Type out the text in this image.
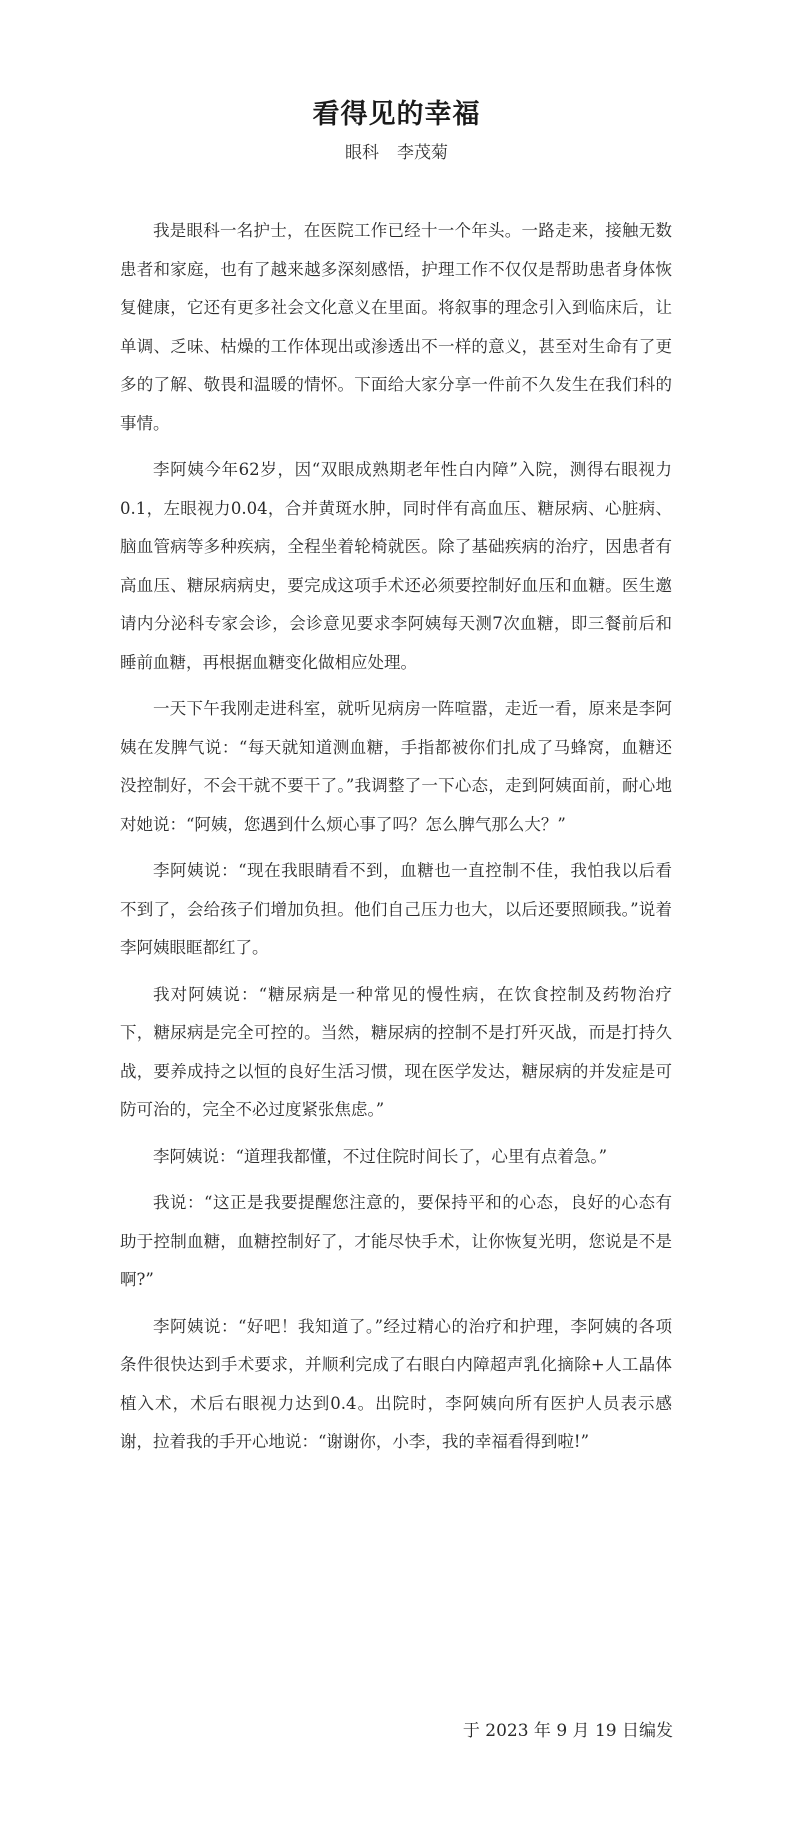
看得见的幸福
眼科 李茂菊

我是眼科一名护士，在医院工作已经十一个年头。一路走来，接触无数患者和家庭，也有了越来越多深刻感悟，护理工作不仅仅是帮助患者身体恢复健康，它还有更多社会文化意义在里面。将叙事的理念引入到临床后，让单调、乏味、枯燥的工作体现出或渗透出不一样的意义，甚至对生命有了更多的了解、敬畏和温暖的情怀。下面给大家分享一件前不久发生在我们科的事情。

李阿姨今年62岁，因“双眼成熟期老年性白内障”入院，测得右眼视力0.1，左眼视力0.04，合并黄斑水肿，同时伴有高血压、糖尿病、心脏病、脑血管病等多种疾病，全程坐着轮椅就医。除了基础疾病的治疗，因患者有高血压、糖尿病病史，要完成这项手术还必须要控制好血压和血糖。医生邀请内分泌科专家会诊，会诊意见要求李阿姨每天测7次血糖，即三餐前后和睡前血糖，再根据血糖变化做相应处理。

一天下午我刚走进科室，就听见病房一阵喧嚣，走近一看，原来是李阿姨在发脾气说：“每天就知道测血糖，手指都被你们扎成了马蜂窝，血糖还没控制好，不会干就不要干了。”我调整了一下心态，走到阿姨面前，耐心地对她说：“阿姨，您遇到什么烦心事了吗？怎么脾气那么大？”

李阿姨说：“现在我眼睛看不到，血糖也一直控制不佳，我怕我以后看不到了，会给孩子们增加负担。他们自己压力也大，以后还要照顾我。”说着李阿姨眼眶都红了。

我对阿姨说：“糖尿病是一种常见的慢性病，在饮食控制及药物治疗下，糖尿病是完全可控的。当然，糖尿病的控制不是打歼灭战，而是打持久战，要养成持之以恒的良好生活习惯，现在医学发达，糖尿病的并发症是可防可治的，完全不必过度紧张焦虑。”

李阿姨说：“道理我都懂，不过住院时间长了，心里有点着急。”

我说：“这正是我要提醒您注意的，要保持平和的心态，良好的心态有助于控制血糖，血糖控制好了，才能尽快手术，让你恢复光明，您说是不是啊?”

李阿姨说：“好吧！我知道了。”经过精心的治疗和护理，李阿姨的各项条件很快达到手术要求，并顺利完成了右眼白内障超声乳化摘除+人工晶体植入术，术后右眼视力达到0.4。出院时，李阿姨向所有医护人员表示感谢，拉着我的手开心地说：“谢谢你，小李，我的幸福看得到啦!”

于 2023 年 9 月 19 日编发
